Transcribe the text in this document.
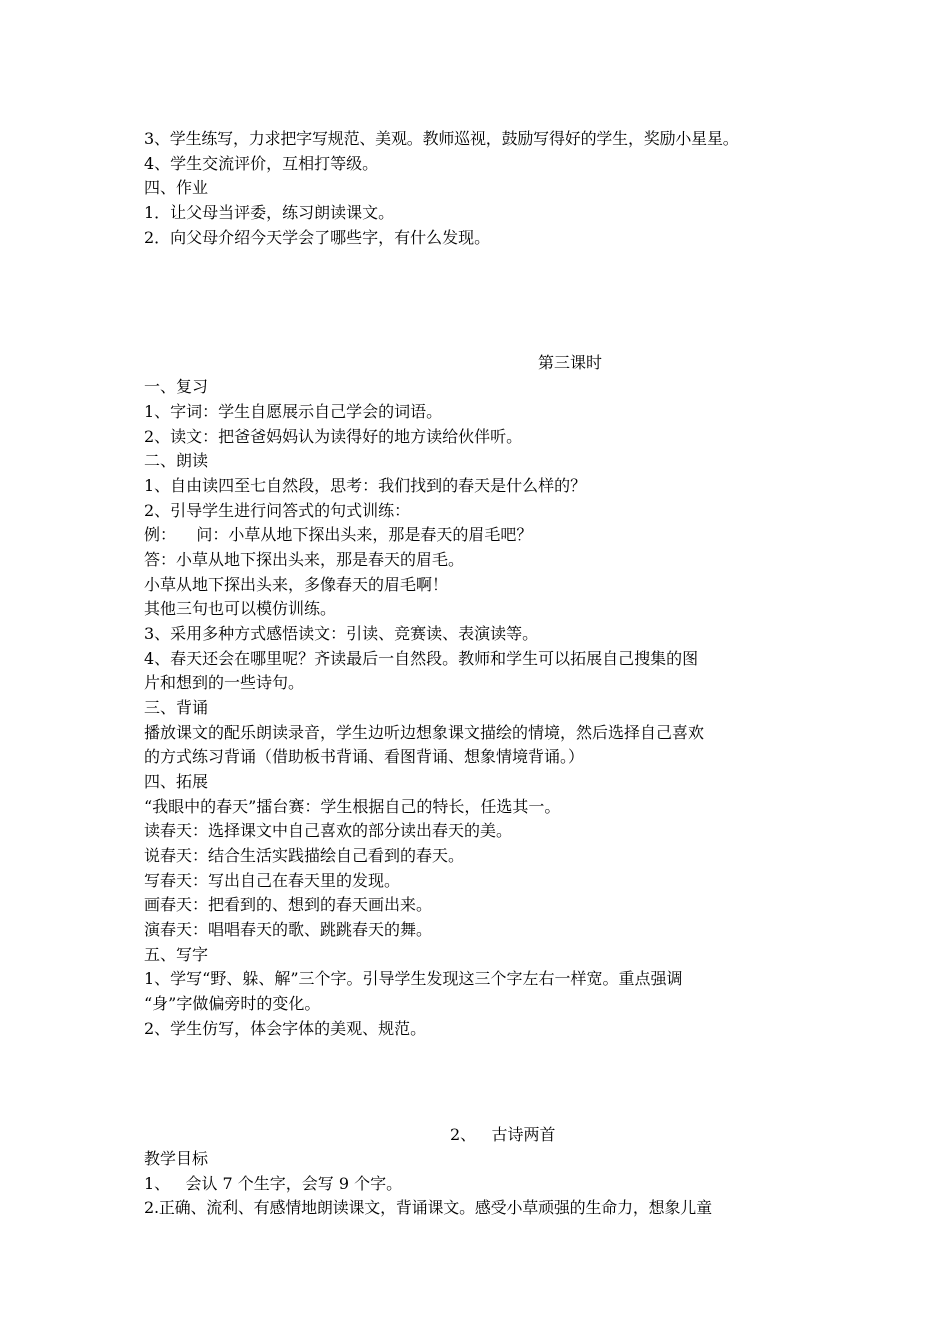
3、学生练写，力求把字写规范、美观。教师巡视，鼓励写得好的学生，奖励小星星。
4、学生交流评价，互相打等级。
四、作业
1．让父母当评委，练习朗读课文。
2．向父母介绍今天学会了哪些字，有什么发现。
第三课时
一、复习
1、字词：学生自愿展示自己学会的词语。
2、读文：把爸爸妈妈认为读得好的地方读给伙伴听。
二、朗读
1、自由读四至七自然段，思考：我们找到的春天是什么样的？
2、引导学生进行问答式的句式训练：
例：    问：小草从地下探出头来，那是春天的眉毛吧？
答：小草从地下探出头来，那是春天的眉毛。
小草从地下探出头来，多像春天的眉毛啊！
其他三句也可以模仿训练。
3、采用多种方式感悟读文：引读、竞赛读、表演读等。
4、春天还会在哪里呢？齐读最后一自然段。教师和学生可以拓展自己搜集的图
片和想到的一些诗句。
三、背诵
播放课文的配乐朗读录音，学生边听边想象课文描绘的情境，然后选择自己喜欢
的方式练习背诵（借助板书背诵、看图背诵、想象情境背诵。）
四、拓展
“我眼中的春天”擂台赛：学生根据自己的特长，任选其一。
读春天：选择课文中自己喜欢的部分读出春天的美。
说春天：结合生活实践描绘自己看到的春天。
写春天：写出自己在春天里的发现。
画春天：把看到的、想到的春天画出来。
演春天：唱唱春天的歌、跳跳春天的舞。
五、写字
1、学写“野、躲、解”三个字。引导学生发现这三个字左右一样宽。重点强调
“身”字做偏旁时的变化。
2、学生仿写，体会字体的美观、规范。
2、   古诗两首
教学目标
1、   会认 7 个生字，会写 9 个字。
2.正确、流利、有感情地朗读课文，背诵课文。感受小草顽强的生命力，想象儿童
